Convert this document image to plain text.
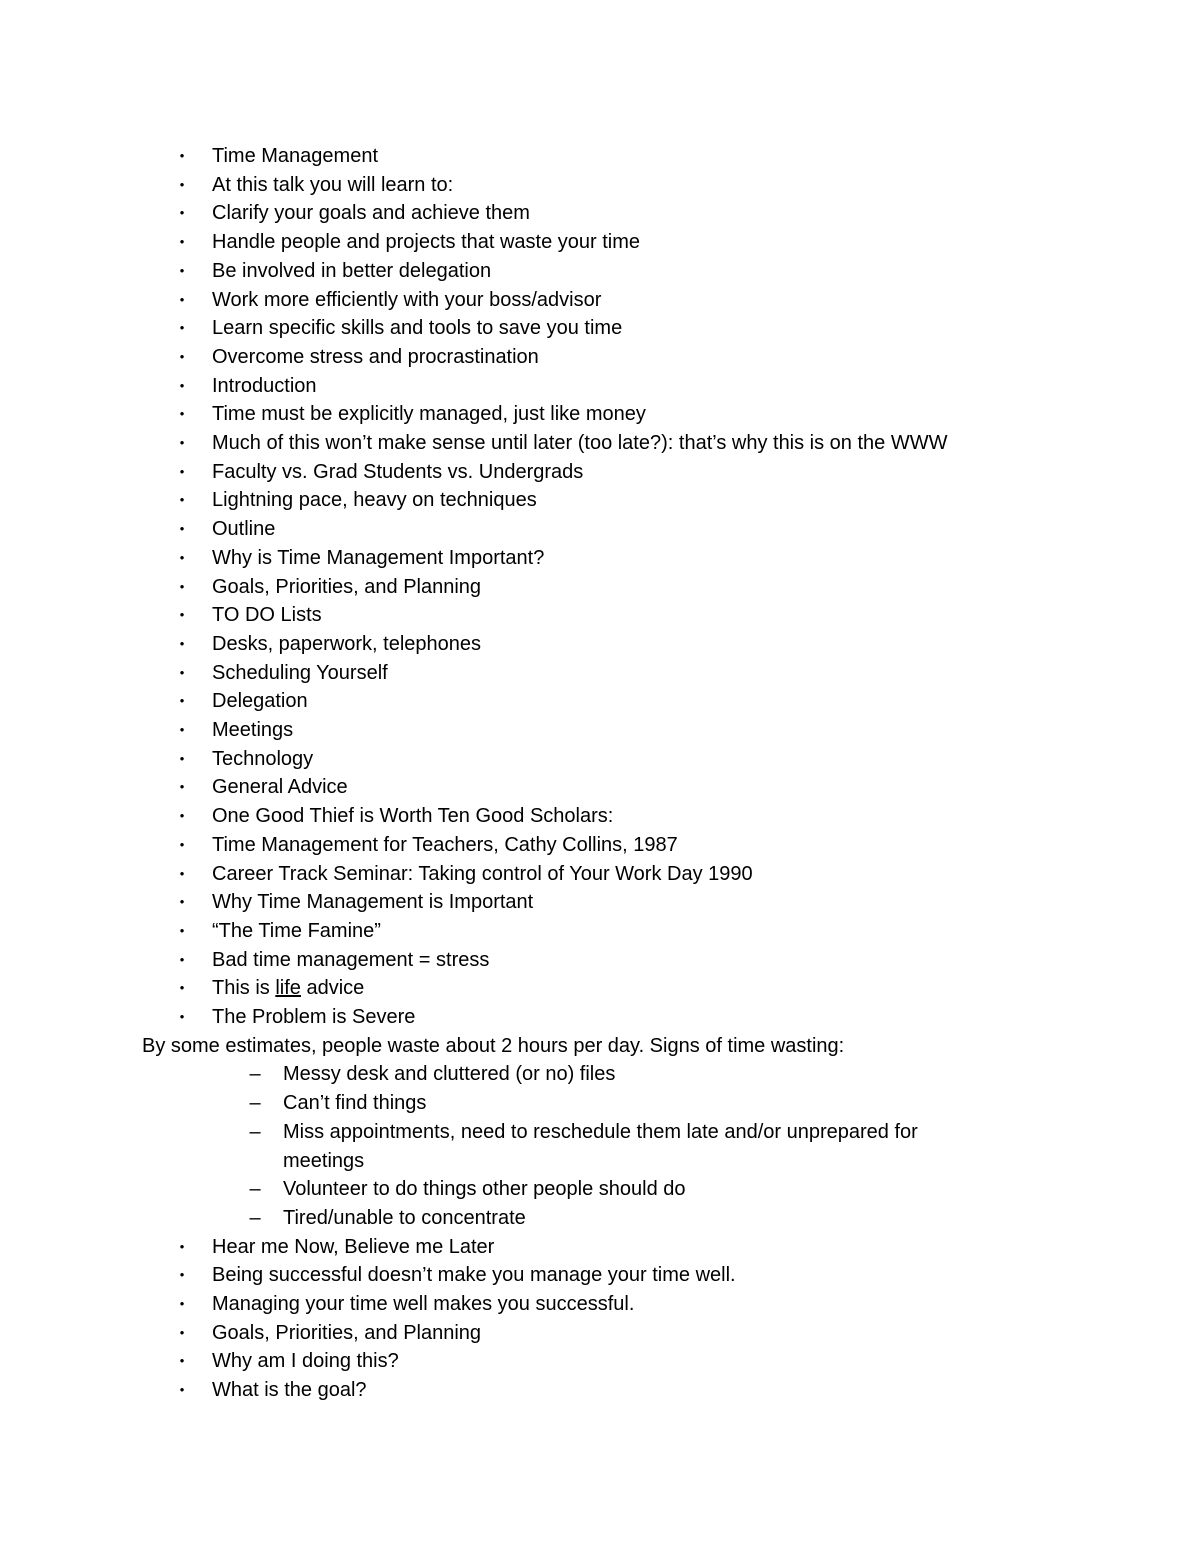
• Time Management
• At this talk you will learn to:
• Clarify your goals and achieve them
• Handle people and projects that waste your time
• Be involved in better delegation
• Work more efficiently with your boss/advisor
• Learn specific skills and tools to save you time
• Overcome stress and procrastination
• Introduction
• Time must be explicitly managed, just like money
• Much of this won’t make sense until later (too late?): that’s why this is on the WWW
• Faculty vs. Grad Students vs. Undergrads
• Lightning pace, heavy on techniques
• Outline
• Why is Time Management Important?
• Goals, Priorities, and Planning
• TO DO Lists
• Desks, paperwork, telephones
• Scheduling Yourself
• Delegation
• Meetings
• Technology
• General Advice
• One Good Thief is Worth Ten Good Scholars:
• Time Management for Teachers, Cathy Collins, 1987
• Career Track Seminar: Taking control of Your Work Day 1990
• Why Time Management is Important
• “The Time Famine”
• Bad time management = stress
• This is life advice
• The Problem is Severe
By some estimates, people waste about 2 hours per day. Signs of time wasting:
– Messy desk and cluttered (or no) files
– Can’t find things
– Miss appointments, need to reschedule them late and/or unprepared for
meetings
– Volunteer to do things other people should do
– Tired/unable to concentrate
• Hear me Now, Believe me Later
• Being successful doesn’t make you manage your time well.
• Managing your time well makes you successful.
• Goals, Priorities, and Planning
• Why am I doing this?
• What is the goal?
